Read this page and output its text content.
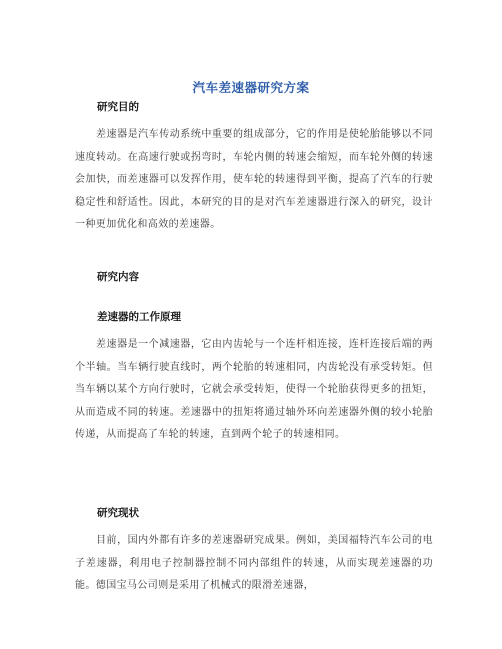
汽车差速器研究方案
研究目的

差速器是汽车传动系统中重要的组成部分，它的作用是使轮胎能够以不同速度转动。在高速行驶或拐弯时，车轮内侧的转速会缩短，而车轮外侧的转速会加快，而差速器可以发挥作用，使车轮的转速得到平衡，提高了汽车的行驶稳定性和舒适性。因此，本研究的目的是对汽车差速器进行深入的研究，设计一种更加优化和高效的差速器。

研究内容
差速器的工作原理

差速器是一个减速器，它由内齿轮与一个连杆相连接，连杆连接后端的两个半轴。当车辆行驶直线时，两个轮胎的转速相同，内齿轮没有承受转矩。但当车辆以某个方向行驶时，它就会承受转矩，使得一个轮胎获得更多的扭矩，从而造成不同的转速。差速器中的扭矩将通过轴外环向差速器外侧的较小轮胎传递，从而提高了车轮的转速，直到两个轮子的转速相同。

研究现状

目前，国内外都有许多的差速器研究成果。例如，美国福特汽车公司的电子差速器，利用电子控制器控制不同内部组件的转速，从而实现差速器的功能。德国宝马公司则是采用了机械式的限滑差速器，
